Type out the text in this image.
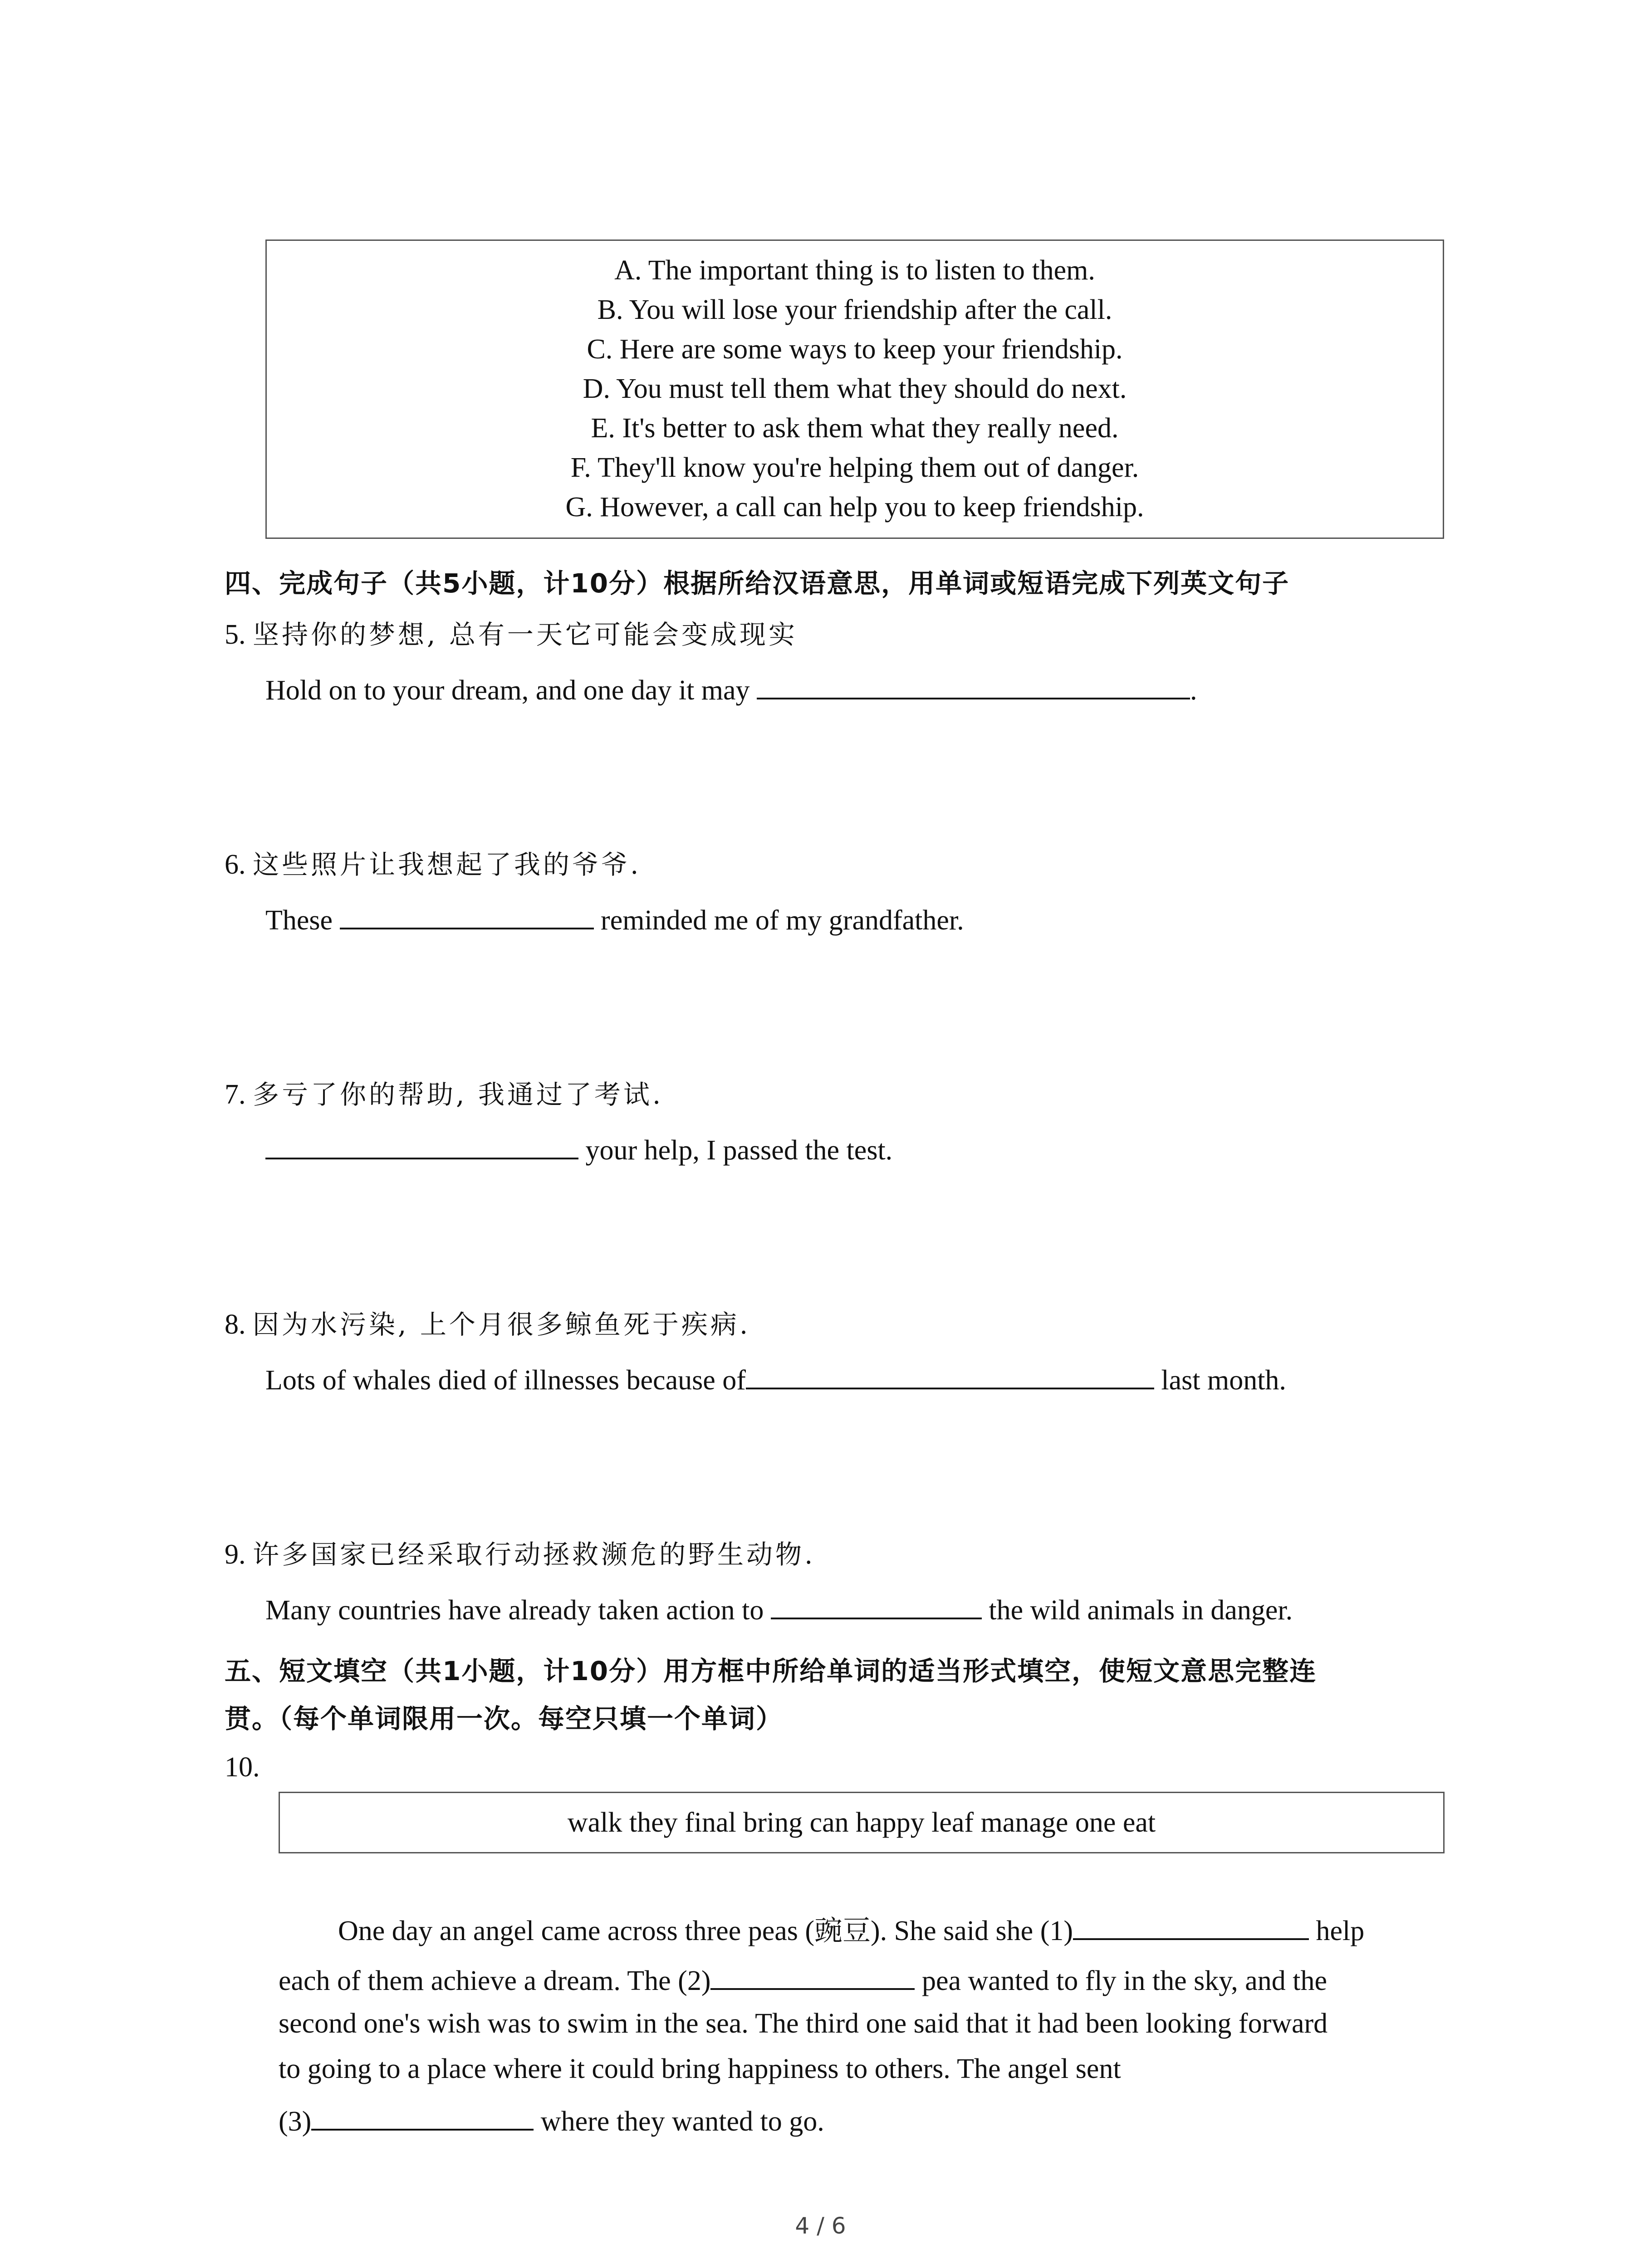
A. The important thing is to listen to them.
B. You will lose your friendship after the call.
C. Here are some ways to keep your friendship.
D. You must tell them what they should do next.
E. It's better to ask them what they really need.
F. They'll know you're helping them out of danger.
G. However, a call can help you to keep friendship.
四、完成句子（共5小题，计10分）根据所给汉语意思，用单词或短语完成下列英文句子
5. 坚持你的梦想, 总有一天它可能会变成现实
Hold on to your dream, and one day it may	.
6. 这些照片让我想起了我的爷爷.
These	reminded me of my grandfather.
7. 多亏了你的帮助, 我通过了考试.
your help, I passed the test.
8. 因为水污染, 上个月很多鲸鱼死于疾病.
Lots of whales died of illnesses because of	last month.
9. 许多国家已经采取行动拯救濒危的野生动物.
Many countries have already taken action to	the wild animals in danger.
五、短文填空（共1小题，计10分）用方框中所给单词的适当形式填空，使短文意思完整连
贯。（每个单词限用一次。每空只填一个单词）
10.
walk they final bring can happy leaf manage one eat
One day an angel came across three peas (豌豆). She said she (1)	help
each of them achieve a dream. The (2)	pea wanted to fly in the sky, and the
second one's wish was to swim in the sea. The third one said that it had been looking forward
to going to a place where it could bring happiness to others. The angel sent
(3)	where they wanted to go.
4 / 6
